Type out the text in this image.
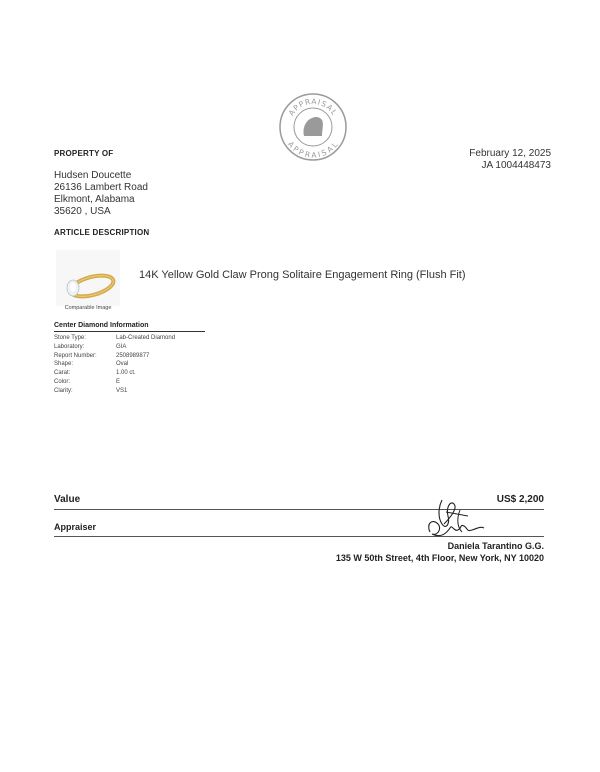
APPRAISAL
APPRAISAL
PROPERTY OF	February 12, 2025
JA 1004448473
Hudsen Doucette
26136 Lambert Road
Elkmont, Alabama
35620 , USA
ARTICLE DESCRIPTION
Comparable Image
14K Yellow Gold Claw Prong Solitaire Engagement Ring (Flush Fit)
Center Diamond Information
Stone Type:	Lab-Created Diamond
Laboratory:	GIA
Report Number:	2508989877
Shape:	Oval
Carat:	1.00 ct.
Color:	E
Clarity:	VS1
Value	US$ 2,200
Appraiser
Daniela Tarantino G.G.
135 W 50th Street, 4th Floor, New York, NY 10020
